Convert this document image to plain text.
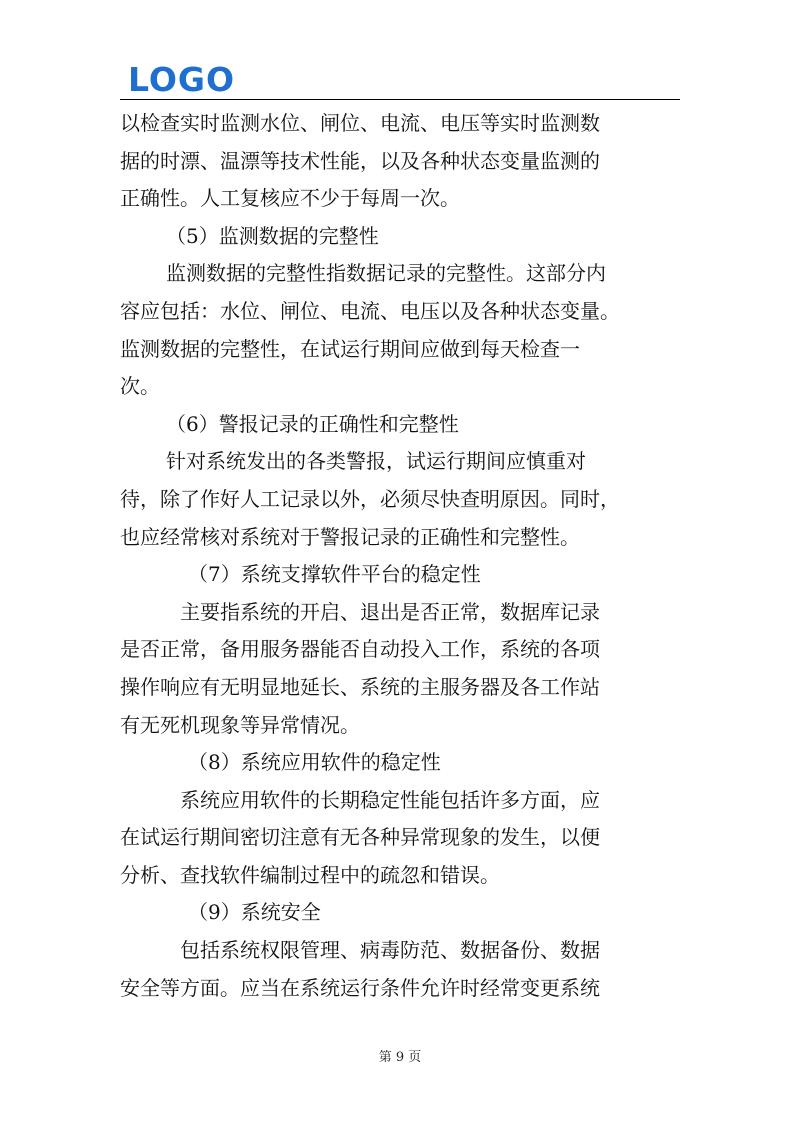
LOGO
以检查实时监测水位、闸位、电流、电压等实时监测数
据的时漂、温漂等技术性能，以及各种状态变量监测的
正确性。人工复核应不少于每周一次。
（5）监测数据的完整性
监测数据的完整性指数据记录的完整性。这部分内
容应包括：水位、闸位、电流、电压以及各种状态变量。
监测数据的完整性，在试运行期间应做到每天检查一
次。
（6）警报记录的正确性和完整性
针对系统发出的各类警报，试运行期间应慎重对
待，除了作好人工记录以外，必须尽快查明原因。同时，
也应经常核对系统对于警报记录的正确性和完整性。
（7）系统支撑软件平台的稳定性
主要指系统的开启、退出是否正常，数据库记录
是否正常，备用服务器能否自动投入工作，系统的各项
操作响应有无明显地延长、系统的主服务器及各工作站
有无死机现象等异常情况。
（8）系统应用软件的稳定性
系统应用软件的长期稳定性能包括许多方面，应
在试运行期间密切注意有无各种异常现象的发生，以便
分析、查找软件编制过程中的疏忽和错误。
（9）系统安全
包括系统权限管理、病毒防范、数据备份、数据
安全等方面。应当在系统运行条件允许时经常变更系统
第 9 页
